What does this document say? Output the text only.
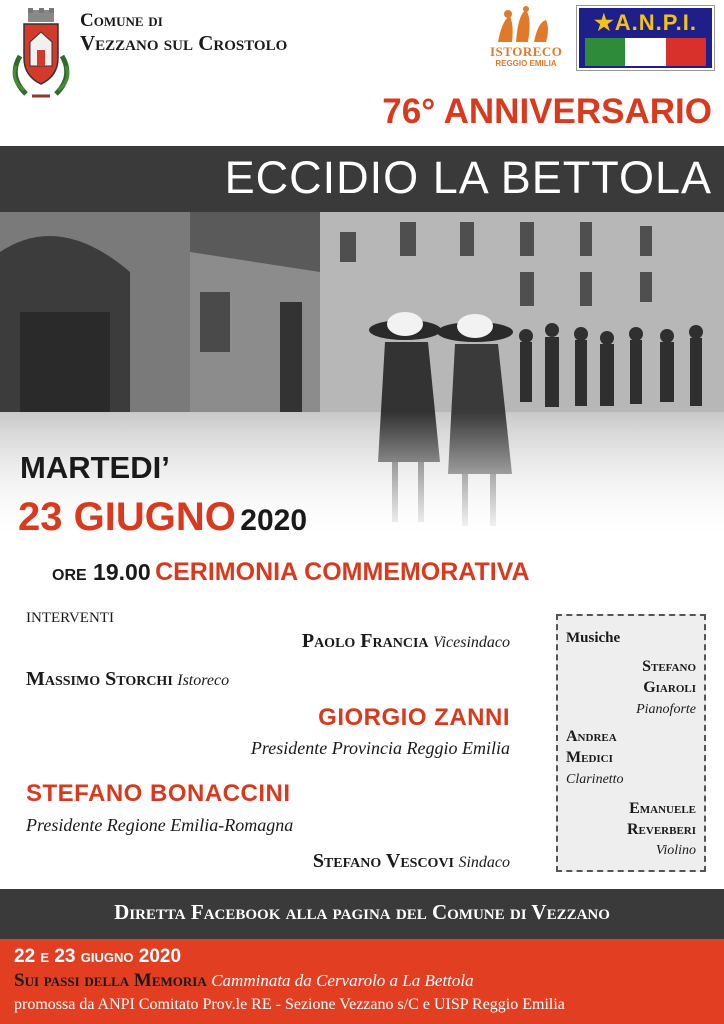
Comune di
Vezzano sul Crostolo	ISTORECO
REGGIO EMILIA
★A.N.P.I.
76° ANNIVERSARIO
ECCIDIO LA BETTOLA
MARTEDI’
23 GIUGNO 2020
ore 19.00 CERIMONIA COMMEMORATIVA
INTERVENTI
Paolo Francia Vicesindaco
Massimo Storchi Istoreco
GIORGIO ZANNI
Presidente Provincia Reggio Emilia
STEFANO BONACCINI
Presidente Regione Emilia-Romagna
Stefano Vescovi Sindaco
Musiche
Stefano
Giaroli
Pianoforte
Andrea
Medici
Clarinetto
Emanuele
Reverberi
Violino
Diretta Facebook alla pagina del Comune di Vezzano
22 e 23 giugno 2020
Sui passi della Memoria Camminata da Cervarolo a La Bettola
promossa da ANPI Comitato Prov.le RE - Sezione Vezzano s/C e UISP Reggio Emilia
